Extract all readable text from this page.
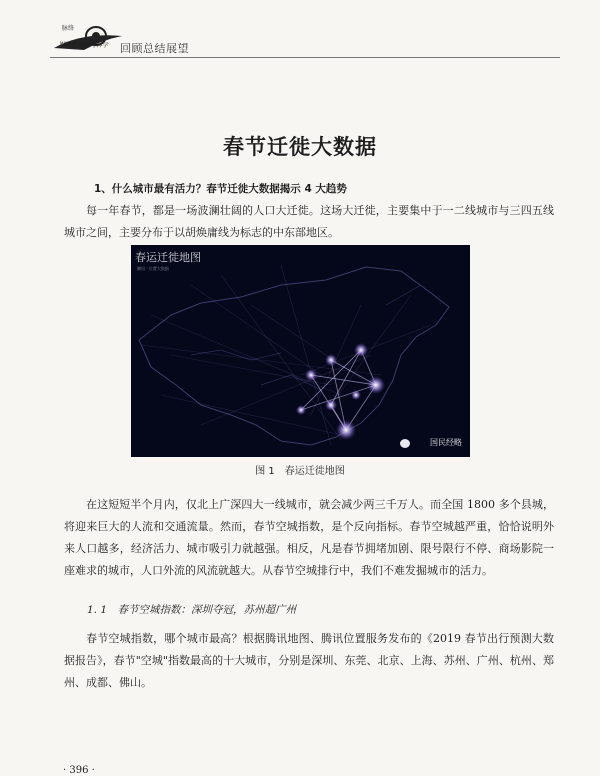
脉络
文化与科学
MAILUO	回顾总结展望
春节迁徙大数据
1、什么城市最有活力？春节迁徙大数据揭示 4 大趋势

每一年春节，都是一场波澜壮阔的人口大迁徙。这场大迁徙，主要集中于一二线城市与三四五线城市之间，主要分布于以胡焕庸线为标志的中东部地区。

春运迁徙地图
腾讯 · 位置大数据
国民经略
图 1　春运迁徙地图

在这短短半个月内，仅北上广深四大一线城市，就会减少两三千万人。而全国 1800 多个县城，将迎来巨大的人流和交通流量。然而，春节空城指数，是个反向指标。春节空城越严重，恰恰说明外来人口越多，经济活力、城市吸引力就越强。相反，凡是春节拥堵加剧、限号限行不停、商场影院一座难求的城市，人口外流的风流就越大。从春节空城排行中，我们不难发掘城市的活力。

1. 1　春节空城指数：深圳夺冠，苏州超广州

春节空城指数，哪个城市最高？根据腾讯地图、腾讯位置服务发布的《2019 春节出行预测大数据报告》，春节"空城"指数最高的十大城市，分别是深圳、东莞、北京、上海、苏州、广州、杭州、郑州、成都、佛山。

· 396 ·
